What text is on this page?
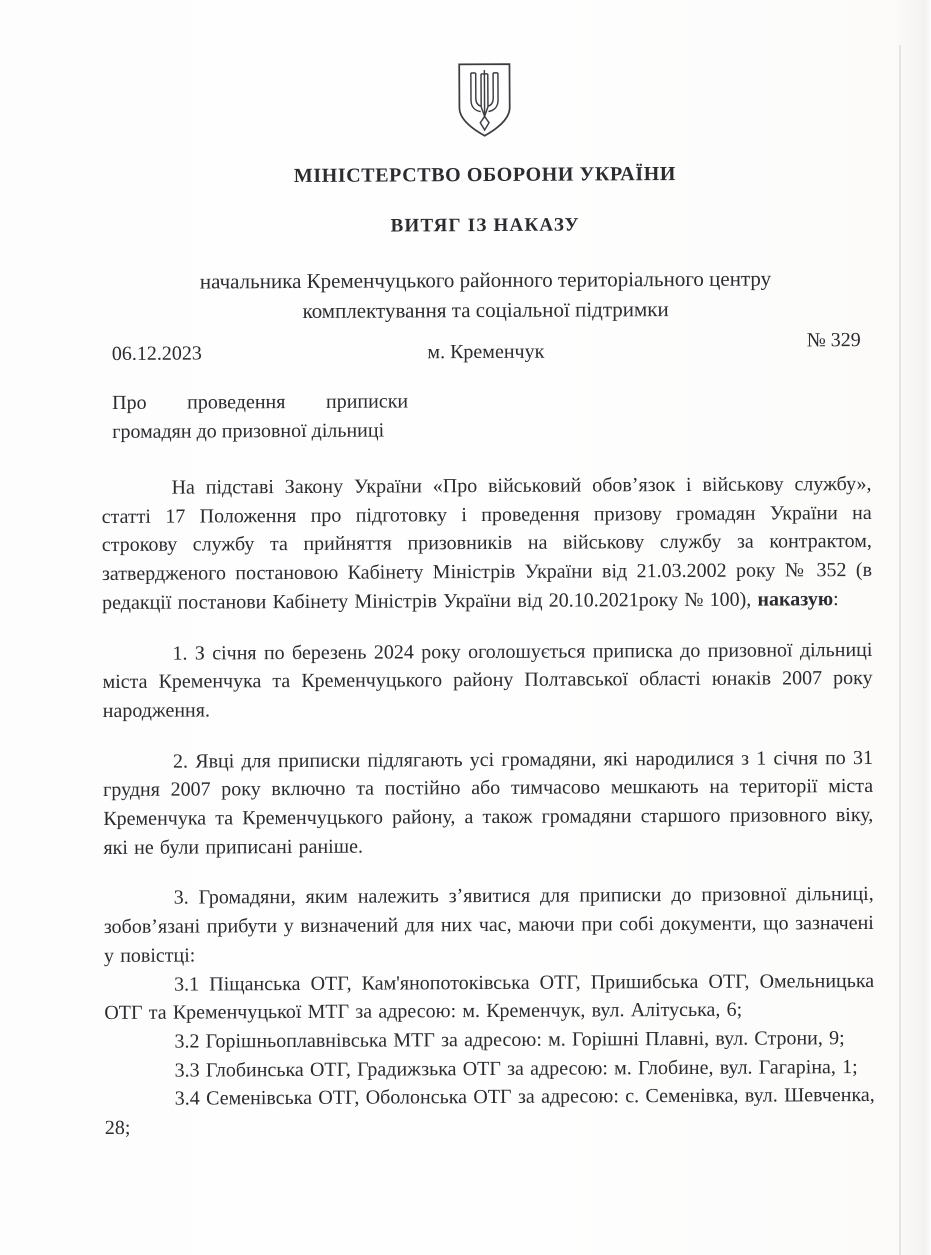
МІНІСТЕРСТВО ОБОРОНИ УКРАЇНИ
ВИТЯГ ІЗ НАКАЗУ
начальника Кременчуцького районного територіального центру
комплектування та соціальної підтримки
06.12.2023	м. Кременчук
№ 329
Про проведення приписки
громадян до призовної дільниці

На підставі Закону України «Про військовий обов’язок і військову службу», статті 17 Положення про підготовку і проведення призову громадян України на строкову службу та прийняття призовників на військову службу за контрактом, затвердженого постановою Кабінету Міністрів України від 21.03.2002 року № 352 (в редакції постанови Кабінету Міністрів України від 20.10.2021року № 100), наказую:

1. З січня по березень 2024 року оголошується приписка до призовної дільниці міста Кременчука та Кременчуцького району Полтавської області юнаків 2007 року народження.

2. Явці для приписки підлягають усі громадяни, які народилися з 1 січня по 31 грудня 2007 року включно та постійно або тимчасово мешкають на території міста Кременчука та Кременчуцького району, а також громадяни старшого призовного віку, які не були приписані раніше.

3. Громадяни, яким належить з’явитися для приписки до призовної дільниці, зобов’язані прибути у визначений для них час, маючи при собі документи, що зазначені у повістці:

3.1 Піщанська ОТГ, Кам'янопотоківська ОТГ, Пришибська ОТГ, Омельницька ОТГ та Кременчуцької МТГ за адресою: м. Кременчук, вул. Алітуська, 6;

3.2 Горішньоплавнівська МТГ за адресою: м. Горішні Плавні, вул. Строни, 9;

3.3 Глобинська ОТГ, Градижзька ОТГ за адресою: м. Глобине, вул. Гагаріна, 1;

3.4 Семенівська ОТГ, Оболонська ОТГ за адресою: с. Семенівка, вул. Шевченка, 28;
